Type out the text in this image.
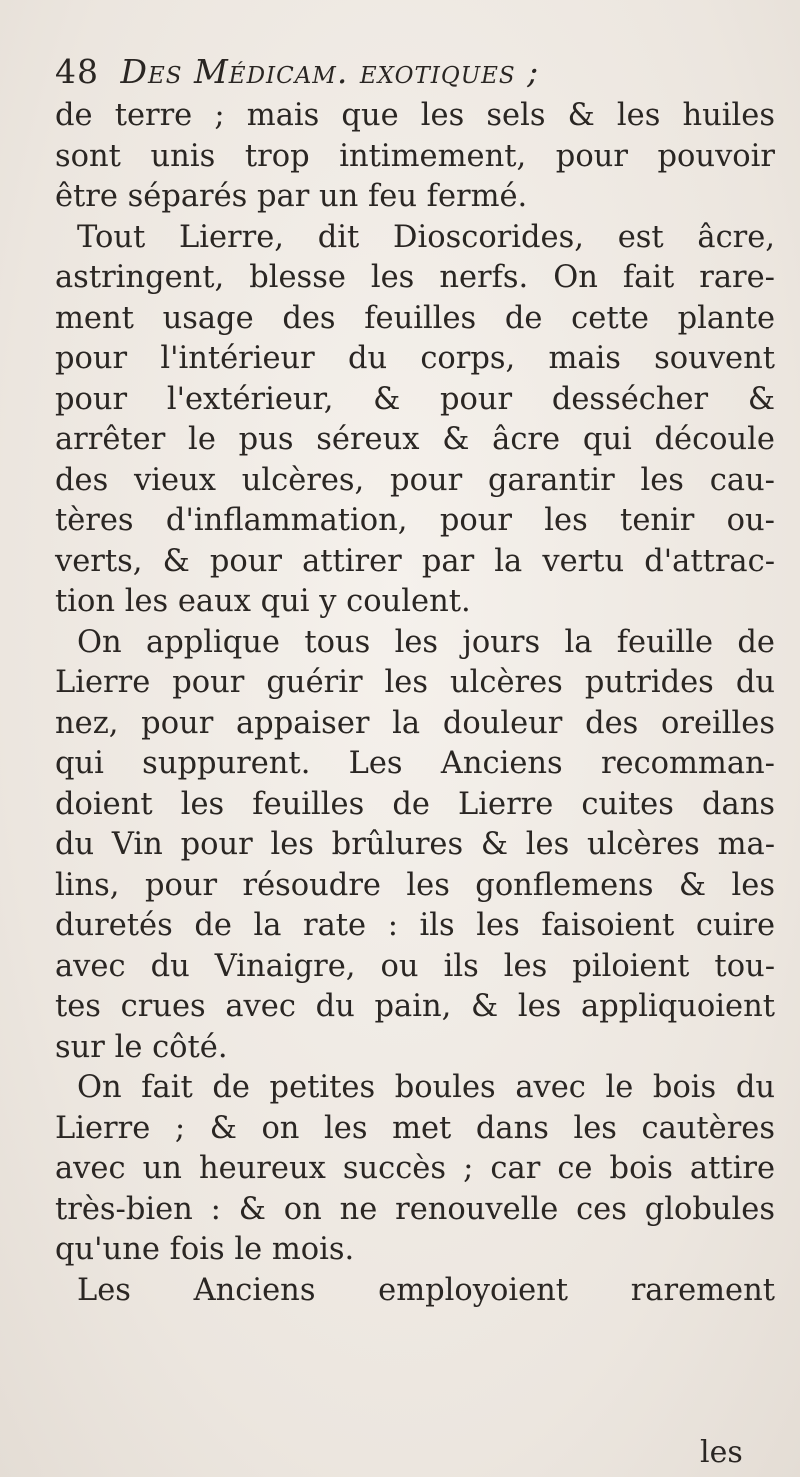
48 Des Médicam. exotiques ;
de terre ; mais que les sels & les huiles
sont unis trop intimement, pour pouvoir
être séparés par un feu fermé.
Tout Lierre, dit Dioscorides, est âcre,
astringent, blesse les nerfs. On fait rare-
ment usage des feuilles de cette plante
pour l'intérieur du corps, mais souvent
pour l'extérieur, & pour dessécher &
arrêter le pus séreux & âcre qui découle
des vieux ulcères, pour garantir les cau-
tères d'inflammation, pour les tenir ou-
verts, & pour attirer par la vertu d'attrac-
tion les eaux qui y coulent.
On applique tous les jours la feuille de
Lierre pour guérir les ulcères putrides du
nez, pour appaiser la douleur des oreilles
qui suppurent. Les Anciens recomman-
doient les feuilles de Lierre cuites dans
du Vin pour les brûlures & les ulcères ma-
lins, pour résoudre les gonflemens & les
duretés de la rate : ils les faisoient cuire
avec du Vinaigre, ou ils les piloient tou-
tes crues avec du pain, & les appliquoient
sur le côté.
On fait de petites boules avec le bois du
Lierre ; & on les met dans les cautères
avec un heureux succès ; car ce bois attire
très-bien : & on ne renouvelle ces globules
qu'une fois le mois.
Les Anciens employoient rarement
les
